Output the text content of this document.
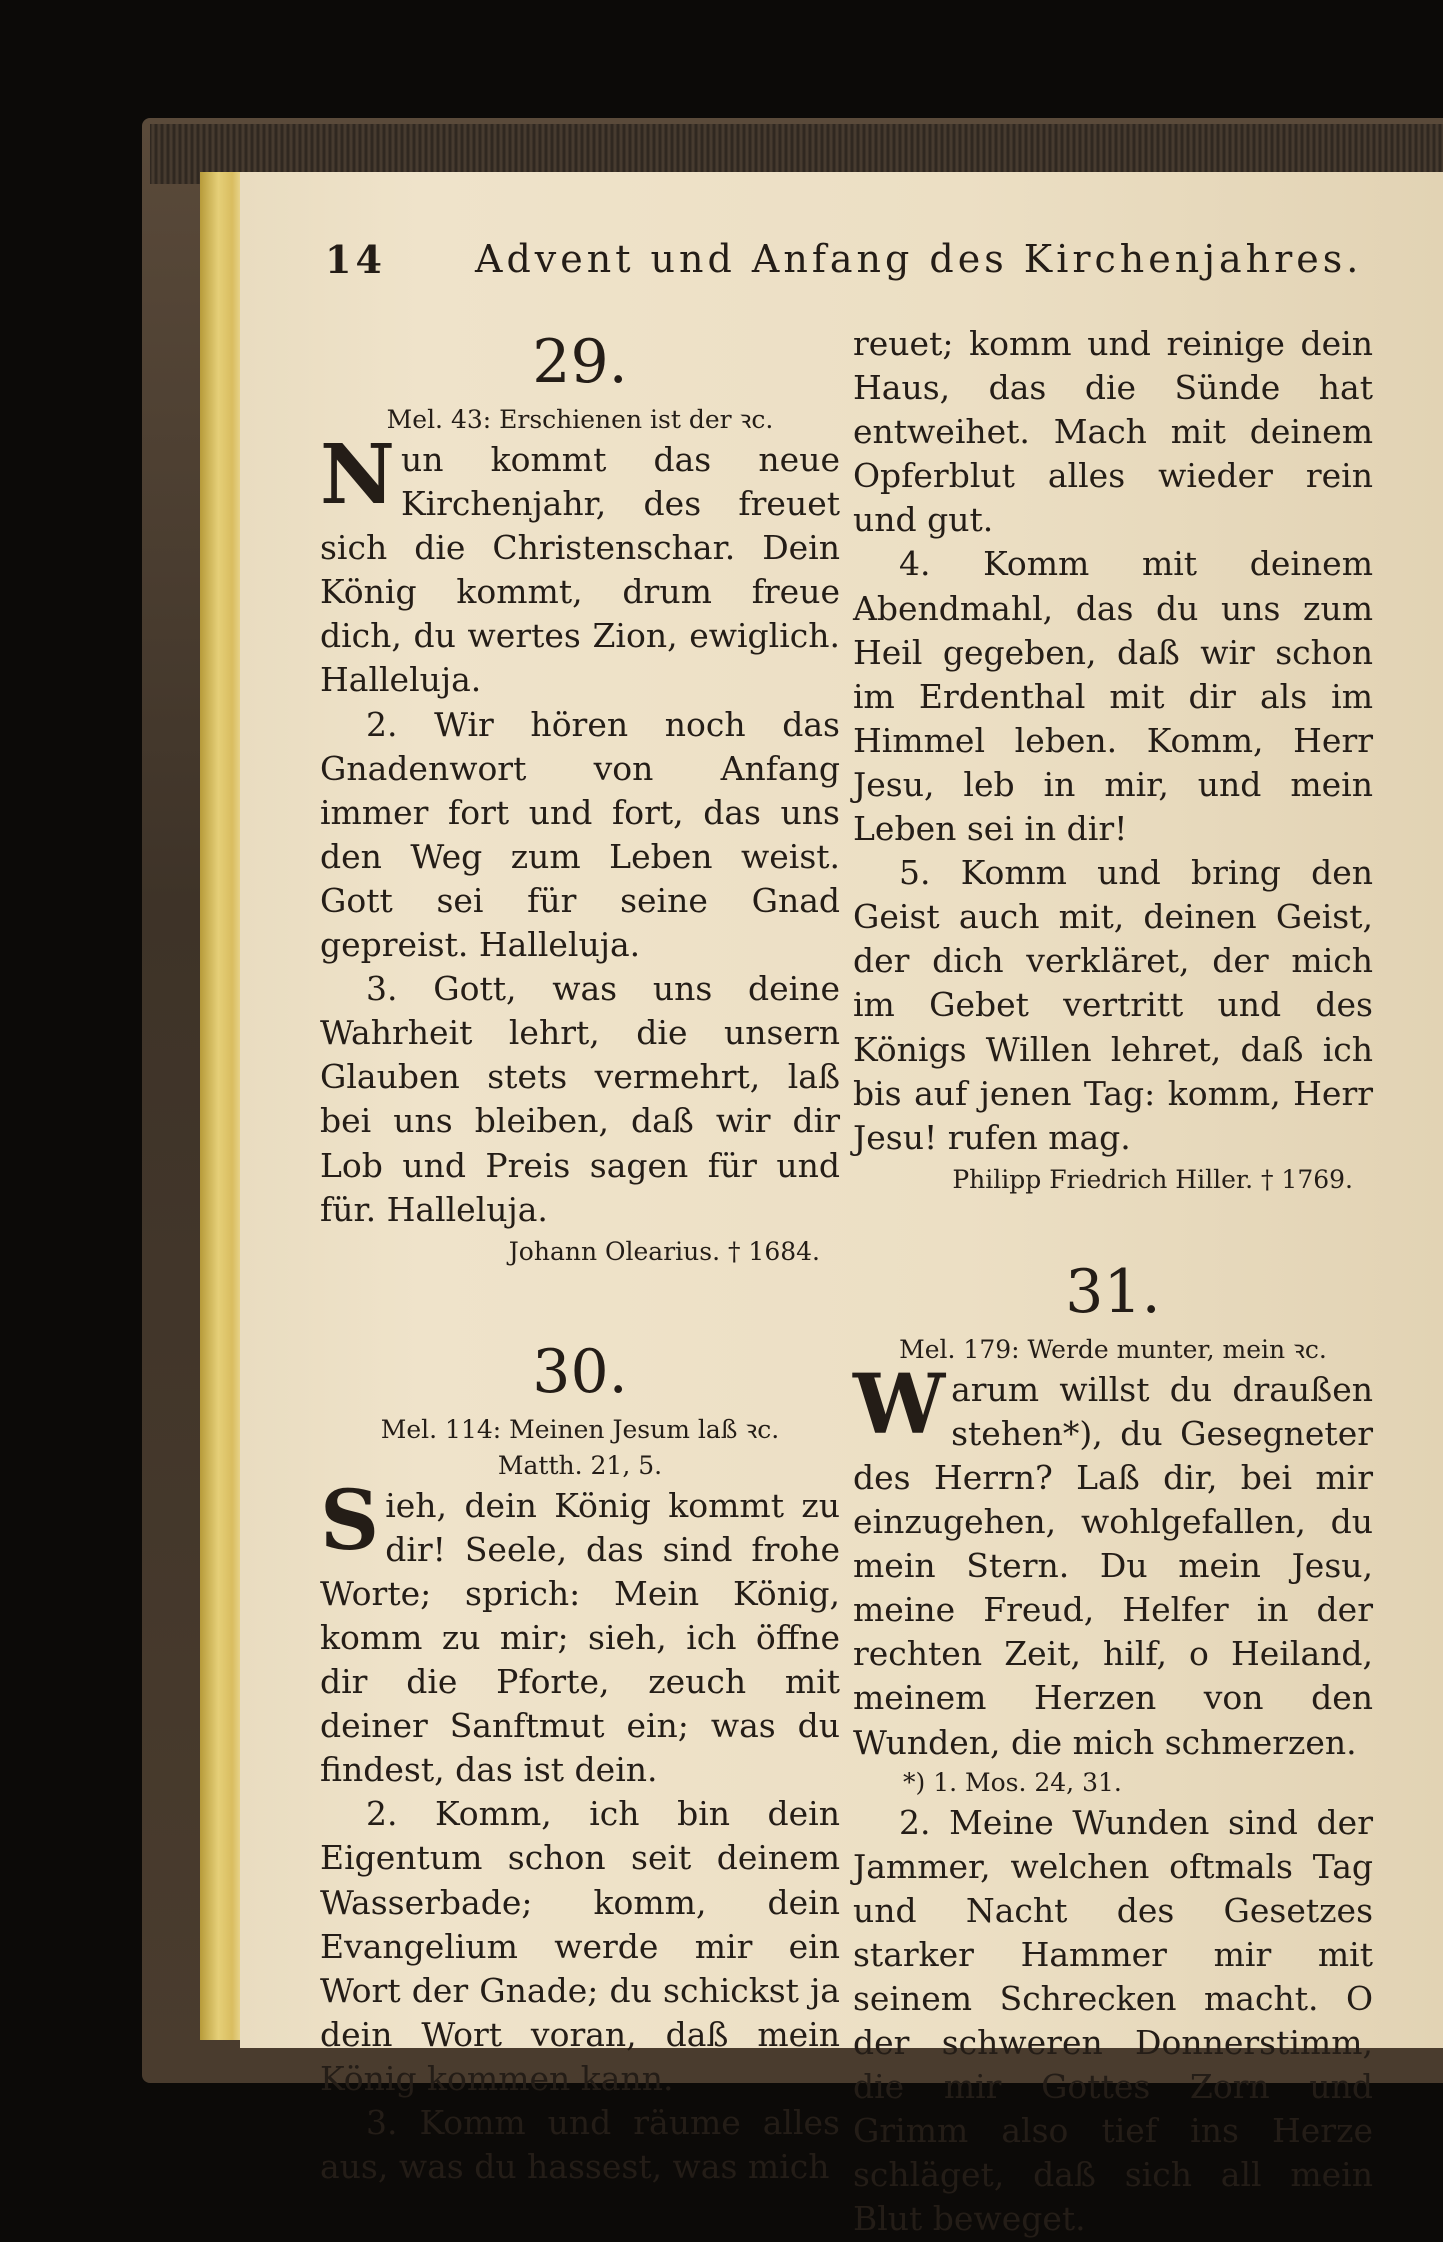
14 Advent und Anfang des Kirchenjahres.
29.

Mel. 43: Erschienen ist der ꝛc.

Nun kommt das neue Kirchenjahr, des freuet sich die Christenschar. Dein König kommt, drum freue dich, du wertes Zion, ewiglich. Halleluja.

2. Wir hören noch das Gnadenwort von Anfang immer fort und fort, das uns den Weg zum Leben weist. Gott sei für seine Gnad gepreist. Halleluja.

3. Gott, was uns deine Wahrheit lehrt, die unsern Glauben stets vermehrt, laß bei uns bleiben, daß wir dir Lob und Preis sagen für und für. Halleluja.

Johann Olearius. † 1684.

30.

Mel. 114: Meinen Jesum laß ꝛc.

Matth. 21, 5.

Sieh, dein König kommt zu dir! Seele, das sind frohe Worte; sprich: Mein König, komm zu mir; sieh, ich öffne dir die Pforte, zeuch mit deiner Sanftmut ein; was du findest, das ist dein.

2. Komm, ich bin dein Eigentum schon seit deinem Wasserbade; komm, dein Evangelium werde mir ein Wort der Gnade; du schickst ja dein Wort voran, daß mein König kommen kann.

3. Komm und räume alles aus, was du hassest, was mich

reuet; komm und reinige dein Haus, das die Sünde hat entweihet. Mach mit deinem Opferblut alles wieder rein und gut.

4. Komm mit deinem Abendmahl, das du uns zum Heil gegeben, daß wir schon im Erdenthal mit dir als im Himmel leben. Komm, Herr Jesu, leb in mir, und mein Leben sei in dir!

5. Komm und bring den Geist auch mit, deinen Geist, der dich verkläret, der mich im Gebet vertritt und des Königs Willen lehret, daß ich bis auf jenen Tag: komm, Herr Jesu! rufen mag.

Philipp Friedrich Hiller. † 1769.

31.

Mel. 179: Werde munter, mein ꝛc.

Warum willst du draußen stehen*), du Gesegneter des Herrn? Laß dir, bei mir einzugehen, wohlgefallen, du mein Stern. Du mein Jesu, meine Freud, Helfer in der rechten Zeit, hilf, o Heiland, meinem Herzen von den Wunden, die mich schmerzen.

*) 1. Mos. 24, 31.

2. Meine Wunden sind der Jammer, welchen oftmals Tag und Nacht des Gesetzes starker Hammer mir mit seinem Schrecken macht. O der schweren Donnerstimm, die mir Gottes Zorn und Grimm also tief ins Herze schläget, daß sich all mein Blut beweget.
